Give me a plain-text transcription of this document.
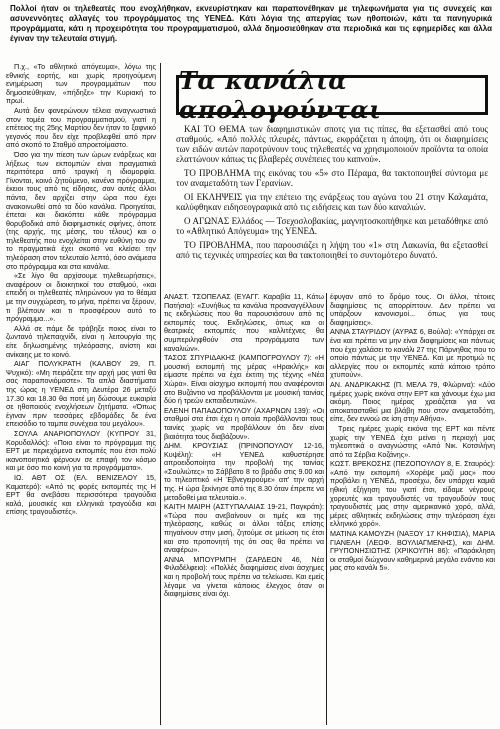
Πολλοί ήταν οι τηλεθεατές που ενοχλήθηκαν, εκνευρίστηκαν και παραπονέθηκαν με τηλεφωνήματα για τις συνεχείς και ασυνεννόητες αλλαγές του προγράμματος της ΥΕΝΕΔ. Κάτι λόγια της απεργίας των ηθοποιών, κάτι τα πανηγυρικά προγράμματα, κάτι η προχειρότητα του προγραμματισμού, αλλά δημοσιεύθηκαν στα περιοδικά και τις εφημερίδες και άλλα έγιναν την τελευταία στιγμή.

Π.χ., «Το αθλητικό απόγευμα», λόγω της εθνικής εορτής, και χωρίς προηγούμενη ενημέρωση των προγραμμάτων που δημοσιεύθηκαν, «πήδηξε» την Κυριακή το πρωί.

Αυτά δεν φανερώνουν τέλεια αναγνωστικά στον τομέα του προγραμματισμού, γιατί η επέτειος της 25ης Μαρτίου δεν ήταν το ξαφνικό γεγονός που δεν είχε προβλεφθεί από πριν από σκοπό το Σταθμό απροετοίμαστο.

Όσο για την πίεση των ώρων ενάρξεως και λήξεως των εκπομπών είναι πραγματικά περιττότερα από τραγική η ιδιομορφία. Γίνονται, κοινό ζητούμενο, κανένα πρόγραμμα, έκειοι τους από τις είδησες, σαν αυτές άλλοι πάντα, δεν αρχίζει στην ώρα που έχει ανακοινωθεί από τα δύο κανάλια. Προηγείται, έπεται και διακόπτει κάθε πρόγραμμα θορυβοδικά από διαφημιστικές σφήνες, όποτε (της αρχής, της μέσης, του τέλους) και ο τηλεθεατής που ενοχλείται στην ευθύνη του αν το πραγματικά έχει σκοπό να κλείσει την τηλεόραση στον τελευταίο λεπτό, όσο ανάμεσα στο πρόγραμμα και στα κανάλια.

«Σε λίγο θα αρχίσουμε τηλεθεωρήσεις», αναφέρουν οι διοικητικοί του σταθμού, «και επειδή οι τηλεθεατές πληρώνουν για το θέαμα με την συγχώρεση, το μήνα, πρέπει να ξέρουν, τι βλέπουν και τι προσφέρουν αυτό το πρόγραμμα...».

Αλλά σε πάμε δε τράβηξε ποιος είναι το ζωντανό τηλεπαιχνίδι, είναι η λειτουργία της είτε δηλωσημένης τηλεόρασης, ανίστη και ανίκαιης με το κοινό.

ΑΙΑΓ ΠΟΛΥΚΡΑΤΗ (ΚΑΛΒΟΥ 29, Π. Ψυχικό): «Μη πειράζετε την αρχή μας γιατί θα σας παραπονιόμαστε». Τα απλά διαστήματα της ώρας η ΥΕΝΕΔ στη Δευτέρα 26 μεταξύ 17.30 και 18.30 θα ποτέ μη δώσουμε ευκαιρία σε ηθοποιούς ενοχλήσεων ζητήματα. «Όπως έγιναν πριν τεσσάρες εβδομάδες δε ένα επεισόδιο το ταμπα συνέχεια του μεγάλου».

ΣΟΥΛΑ ΑΝΑΡΙΟΠΟΥΛΟΥ (ΚΥΠΡΟΥ 31, Κορυδαλλός): «Ποιο είναι το πρόγραμμα της ΕΡΤ με περιεχόμενα εκπομπές που έτσι πολύ ικανοποιητικά φέρνουν σε επαφή τον κόσμο και με όσο πιο κοινή για τα προγράμματα».

ΙΩ. ΑΘΤ ΟΣ (ΕΛ. ΒΕΝΙΖΕΛΟΥ 15, Καματερό): «Από τις φορές εκπομπές της Η ΕΡΤ θα ανεβάσει περισσότερα τραγούδια καλά, μουσικές και ελληνικά τραγούδια και επίσης τραγουδιστές».

Τα κανάλια απολογούνται

ΚΑΙ ΤΟ ΘΕΜΑ των διαφημιστικών σποτς για τις πίπες, θα εξετασθεί από τους σταθμούς. «Από πολλές πλευρές, πάντως, εκφράζεται η άποψη, ότι οι διαφημίσεις των ειδών αυτών παροτρύνουν τους τηλεθεατές να χρησιμοποιούν προϊόντα τα οποία ελαττώνουν κάπως τις βλαβερές συνέπειες του καπνού».

ΤΟ ΠΡΟΒΛΗΜΑ της εικόνας του «5» στο Πέραμα, θα τακτοποιηθεί σύντομα με τον αναμεταδότη των Γερανίων.

ΟΙ ΕΚΛΗΨΕΙΣ για την επέτειο της ενάρξεως του αγώνα του 21 στην Καλαμάτα, καλύφθηκαν ειδησεογραφικά από τις ειδήσεις και των δύο καναλιών.

Ο ΑΓΩΝΑΣ Ελλάδος — Τσεχοσλοβακίας, μαγνητοσκοπήθηκε και μεταδόθηκε από το «Αθλητικό Απόγευμα» της ΥΕΝΕΔ.

ΤΟ ΠΡΟΒΛΗΜΑ, που παρουσιάζει η λήψη του «1» στη Λακωνία, θα εξετασθεί από τις τεχνικές υπηρεσίες και θα τακτοποιηθεί το συντομότερο δυνατό.

ΑΝΑΣΤ. ΤΣΟΠΕΛΑΣ (ΕΥΑΓΓ. Καραβία 11, Κάτω Πατήσια): «Συνήθως τα κανάλια προαναγγέλλουν τις εκδηλώσεις που θα παρουσιάσουν από τις εκπομπές τους. Εκδηλώσεις, όπως και οι θεατρικές εκπομπές που καλλιτέχνες θα συμπεριληφθούν στα προγράμματα των καναλιών».

ΤΑΣΟΣ ΣΠΥΡΙΔΑΚΗΣ (ΚΑΜΠΟΓΡΟΥΛΟΥ 7): «Η μουσική εκπομπή της μέρας «Ηρακλής» και είμαστε πρέπει να έχει έκτιτη της τέχνης «Νέα Χώρα». Είναι αίσχημο εκπομπή που αναφέρονται στο Βυζάντιο να προβάλλονται με μουσική ταινίας δύο ή τρεών εκπαιδευτικών».

ΕΛΕΝΗ ΠΑΠΑΔΟΠΟΥΛΟΥ (ΑΧΑΡΝΩΝ 139): «Οι σταθμοί στα έτσι έχει η οποία προβάλλονται τους ταινίες χωρίς να προβάλλουν ότι δεν είναι βιαιότητα τους διαβάζουν».

ΔΗΜ. ΚΡΟΥΣΙΑΣ (ΠΡΙΝΟΠΟΥΛΟΥ 12-16, Κυψέλη): «Η ΥΕΝΕΔ καθυστέρησε απροειδοποίητα την προβολή της ταινίας «Σουλιώτες» το Σάββατο 8 το βράδυ στις 9.00 και το τηλεοπτικό «Η Έβνεγειρούμε» απ' την αρχή της. Η ώρα ξεκίνησε από της 8.30 όταν έπρεπε να μεταδοθεί μια τελευταία.».

ΚΑΙΤΗ ΜΑΙΡΗ (ΑΣΤΥΠΑΛΑΙΑΣ 19-21, Παγκράτι): «Τώρα που ανεβαίνουν οι τιμές και της τηλεόρασης, καθώς οι άλλοι τάξεις επίσης πηγαίνουν στην μισή, ζητούμε σε μείωση τις έτσι και στο προπονητή της ότι σας θα πρέπει να αναφέρω».

ΑΝΝΑ ΜΠΟΥΡΜΠΗ (ΣΑΡΔΕΩΝ 46, Νέα Φιλαδέλφεια): «Πολλές διαφημίσεις είναι άσχημες και η προβολή τους πρέπει να τελείωσει. Και εμείς λέγαμε να γίνεται κάποιος έλεγχος όταν οι διαφημίσεις είναι όχι.

έφυγαν από το δρόμο τους. Οι άλλοι, τέτοιες διαφημίσεις τις απορρίπτουν. Δεν πρέπει να υπάρξουν κανονισμοί... όπως για τους διαφημίσεις».

ΑΝΝΑ ΣΤΑΥΡΙΔΟΥ (ΑΥΡΑΣ 6, Βούλα): «Υπάρχει σε ένα και πρέπει να μην είναι διαφημίσεις και πάντως που έχει χαλάσει το κανάλι 27 της Πάρνηθας που το οποίο πάντως με την ΥΕΝΕΔ. Και με προτιμώ τις αλλεργίες που οι εκπομπές κατά κάποιο τρόπο χτυπούν».

ΑΝ. ΑΝΔΡΙΚΑΚΗΣ (Π. ΜΕΛΑ 79, Φλώρινα): «Δύο ημέρες χωρίς εικόνα στην ΕΡΤ και χάνουμε έχω μια ακόμη. Ποιος ημέρας χρειάζεται για να αποκατασταθεί μια βλάβη που στον αναμεταδότη, είπε, δεν εννοώ σε ίση στην Αθήνα».

Τρεις ημέρες χωρίς εικόνα της ΕΡΤ και πέντε χωρίς την ΥΕΝΕΔ έχει μείνει η περιοχή μας τηλεοπτικά ο αναγνώστης «Από Νικ. Κοτσιλήνη από τα Σέρβια Κοζάνης».

ΚΩΣΤ. ΒΡΕΚΟΣΗΣ (ΠΕΖΟΠΟΥΛΟΥ 8, Ε. Σταυρός): «Από την εκπομπή «Χορέψε μαζί μας» που προβάλει η ΥΕΝΕΔ, προσέχω, δεν υπάρχει καμιά ηθική εξήγηση του γιατί έτσι, είδαμε νέγρους χορευτές και τραγουδιστές να τραγουδούν τους τραγουδιστές μας στην αμερικανικό χορό, αλλά, μέρες αθλητικές εκδηλώσεις στην τηλεόραση έχει ελληνικό χορό».

ΜΑΤΙΝΑ ΚΑΜΟΥΖΗ (ΝΑΞΟΥ 17 ΚΗΦΙΣΙΑ), ΜΑΡΙΑ ΓΙΑΝΕΛΗ (ΛΕΩΦ. ΒΟΥΛΙΑΓΜΕΝΗΣ), και ΔΗΜ. ΓΡΥΠΟΝΗΣΙΩΤΗΣ (ΧΡΙΚΟΥΠΗ 86): «Παράκληση οι σταθμοί διώχνουν καθημερινά μεγάλο ενάντιο και μας στο κανάλι 5».
